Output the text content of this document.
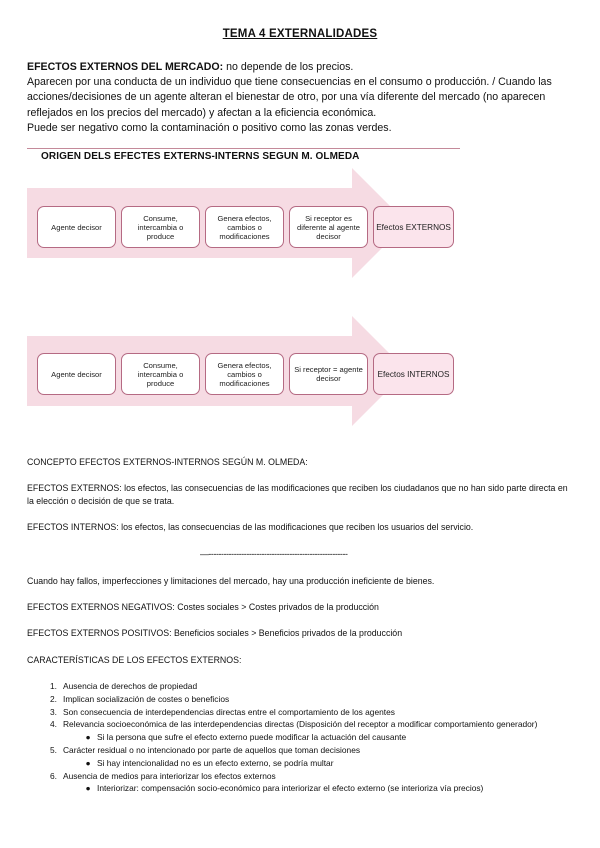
TEMA 4 EXTERNALIDADES

EFECTOS EXTERNOS DEL MERCADO: no depende de los precios.

Aparecen por una conducta de un individuo que tiene consecuencias en el consumo o producción. / Cuando las acciones/decisiones de un agente alteran el bienestar de otro, por una vía diferente del mercado (no aparecen reflejados en los precios del mercado) y afectan a la eficiencia económica.

Puede ser negativo como la contaminación o positivo como las zonas verdes.

ORIGEN DELS EFECTES EXTERNS-INTERNS SEGUN M. OLMEDA
Agente decisor
Consume, intercambia o produce
Genera efectos, cambios o modificaciones
Si receptor es diferente al agente decisor
Efectos EXTERNOS
Agente decisor
Consume, intercambia o produce
Genera efectos, cambios o modificaciones
Si receptor = agente decisor	Efectos INTERNOS
CONCEPTO EFECTOS EXTERNOS-INTERNOS SEGÚN M. OLMEDA:
EFECTOS EXTERNOS: los efectos, las consecuencias de las modificaciones que reciben los ciudadanos que no han sido parte directa en la elección o decisión de que se trata.
EFECTOS INTERNOS: los efectos, las consecuencias de las modificaciones que reciben los usuarios del servicio.
—-------------------------------------------------------
Cuando hay fallos, imperfecciones y limitaciones del mercado, hay una producción ineficiente de bienes.
EFECTOS EXTERNOS NEGATIVOS: Costes sociales > Costes privados de la producción
EFECTOS EXTERNOS POSITIVOS: Beneficios sociales > Beneficios privados de la producción
CARACTERÍSTICAS DE LOS EFECTOS EXTERNOS:
1. Ausencia de derechos de propiedad
2. Implican socialización de costes o beneficios
3. Son consecuencia de interdependencias directas entre el comportamiento de los agentes
4. Relevancia socioeconómica de las interdependencias directas (Disposición del receptor a modificar comportamiento generador)
● Si la persona que sufre el efecto externo puede modificar la actuación del causante
5. Carácter residual o no intencionado por parte de aquellos que toman decisiones
● Si hay intencionalidad no es un efecto externo, se podría multar
6. Ausencia de medios para interiorizar los efectos externos
● Interiorizar: compensación socio-económico para interiorizar el efecto externo (se interioriza vía precios)
